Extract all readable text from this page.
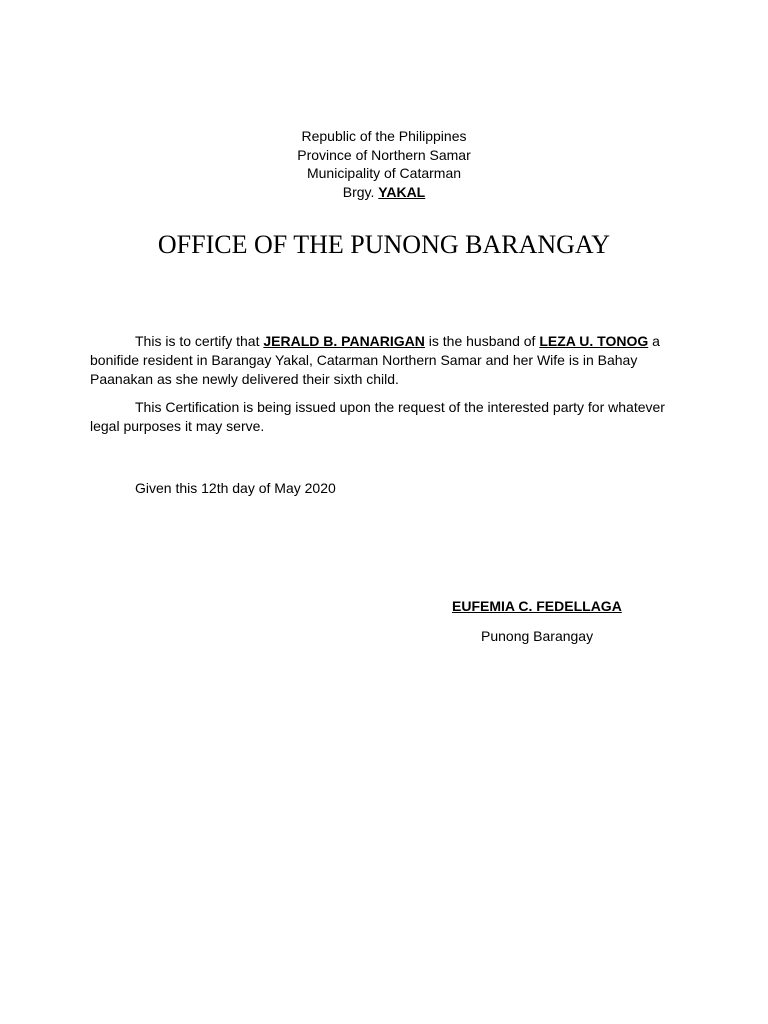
Republic of the Philippines
Province of Northern Samar
Municipality of Catarman
Brgy. YAKAL
OFFICE OF THE PUNONG BARANGAY

This is to certify that JERALD B. PANARIGAN is the husband of LEZA U. TONOG a bonifide resident in Barangay Yakal, Catarman Northern Samar and her Wife is in Bahay Paanakan as she newly delivered their sixth child.

This Certification is being issued upon the request of the interested party for whatever legal purposes it may serve.

Given this 12th day of May 2020
EUFEMIA C. FEDELLAGA
Punong Barangay
